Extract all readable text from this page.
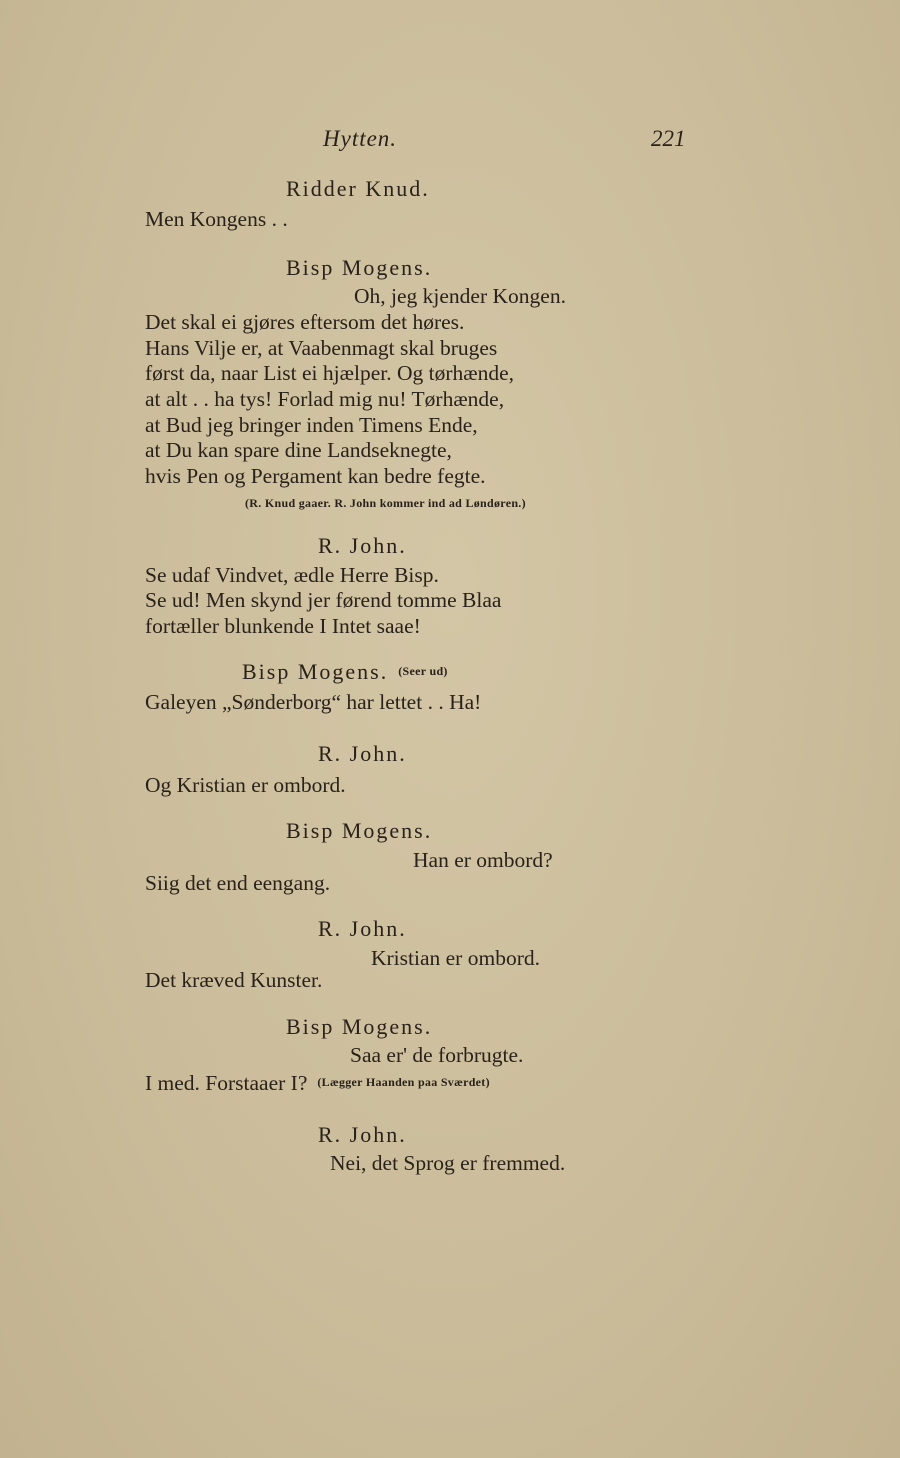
Hytten.	221
Ridder Knud.
Men Kongens . .
Bisp Mogens.
Oh, jeg kjender Kongen.
Det skal ei gjøres eftersom det høres.
Hans Vilje er, at Vaabenmagt skal bruges
først da, naar List ei hjælper. Og tørhænde,
at alt . . ha tys! Forlad mig nu! Tørhænde,
at Bud jeg bringer inden Timens Ende,
at Du kan spare dine Landseknegte,
hvis Pen og Pergament kan bedre fegte.
(R. Knud gaaer. R. John kommer ind ad Løndøren.)
R. John.
Se udaf Vindvet, ædle Herre Bisp.
Se ud! Men skynd jer førend tomme Blaa
fortæller blunkende I Intet saae!
Bisp Mogens. (Seer ud)
Galeyen „Sønderborg“ har lettet . . Ha!
R. John.
Og Kristian er ombord.
Bisp Mogens.
Han er ombord?
Siig det end eengang.
R. John.
Kristian er ombord.
Det kræved Kunster.
Bisp Mogens.
Saa er' de forbrugte.
I med. Forstaaer I? (Lægger Haanden paa Sværdet)
R. John.
Nei, det Sprog er fremmed.
